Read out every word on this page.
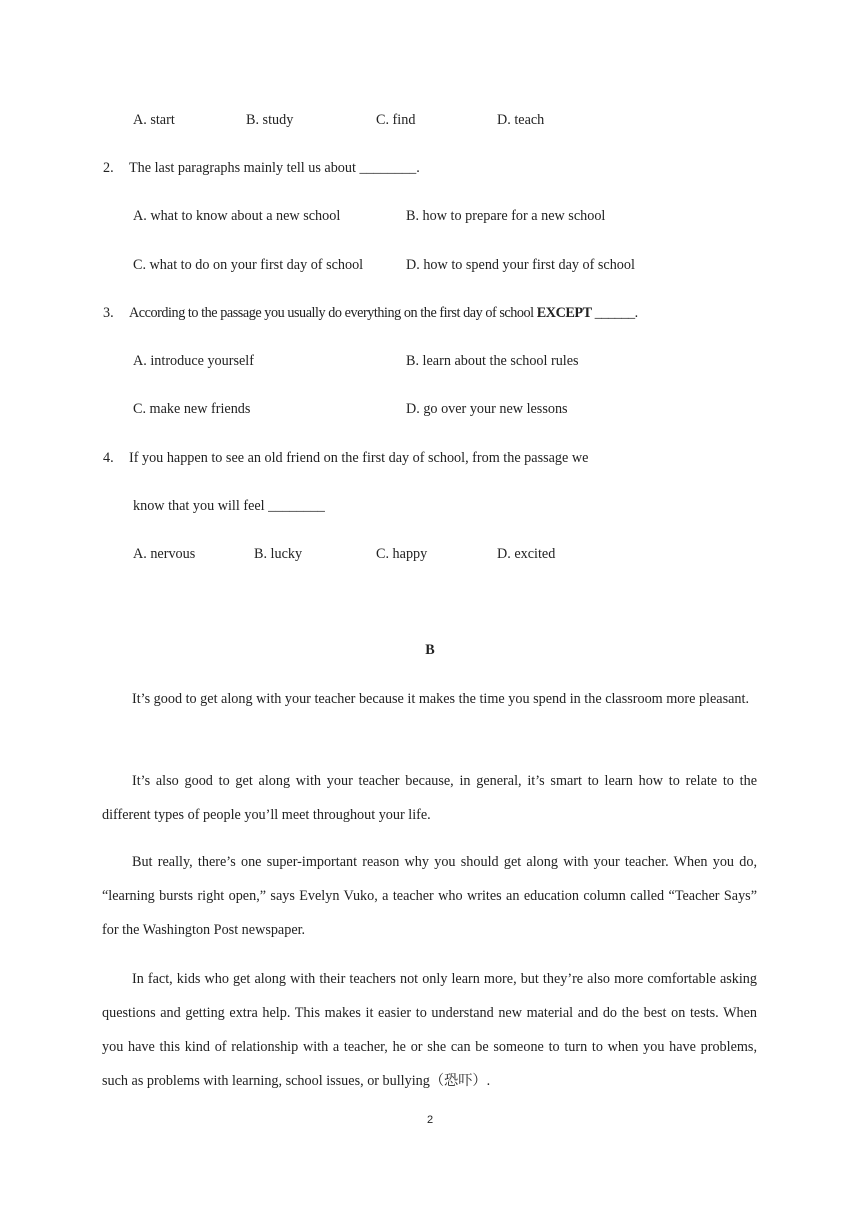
A. start	B. study	C. find	D. teach
2. The last paragraphs mainly tell us about ________.
A. what to know about a new school	B. how to prepare for a new school
C. what to do on your first day of school	D. how to spend your first day of school
3. According to the passage you usually do everything on the first day of school EXCEPT ______.
A. introduce yourself	B. learn about the school rules
C. make new friends	D. go over your new lessons
4. If you happen to see an old friend on the first day of school, from the passage we
know that you will feel ________
A. nervous	B. lucky	C. happy	D. excited
B

It’s good to get along with your teacher because it makes the time you spend in the classroom more pleasant.

It’s also good to get along with your teacher because, in general, it’s smart to learn how to relate to the different types of people you’ll meet throughout your life.

But really, there’s one super-important reason why you should get along with your teacher. When you do, “learning bursts right open,” says Evelyn Vuko, a teacher who writes an education column called “Teacher Says” for the Washington Post newspaper.

In fact, kids who get along with their teachers not only learn more, but they’re also more comfortable asking questions and getting extra help. This makes it easier to understand new material and do the best on tests. When you have this kind of relationship with a teacher, he or she can be someone to turn to when you have problems, such as problems with learning, school issues, or bullying（恐吓）.

2
